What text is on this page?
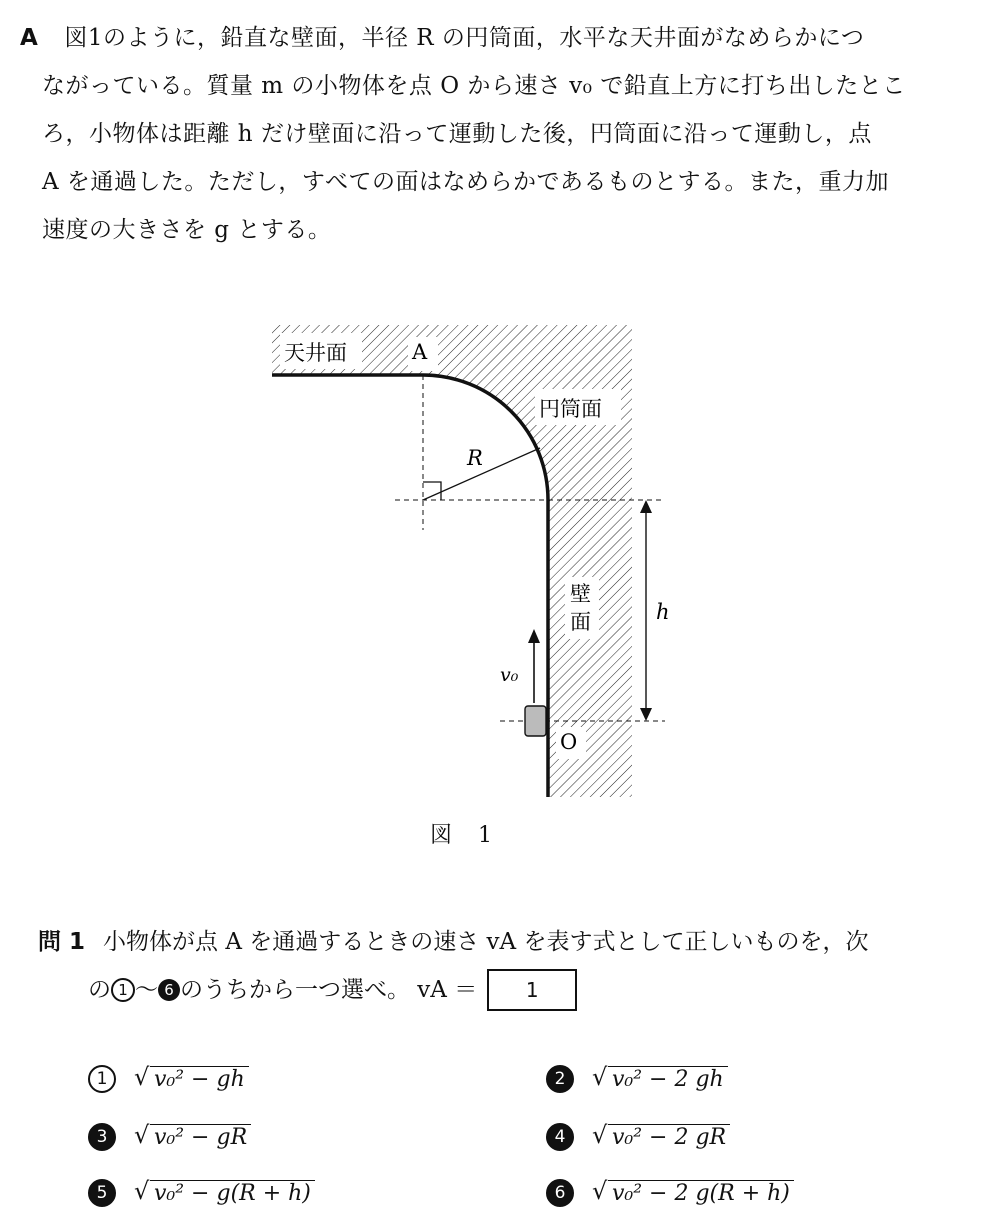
A 図1のように，鉛直な壁面，半径 R の円筒面，水平な天井面がなめらかにつ
ながっている。質量 m の小物体を点 O から速さ v₀ で鉛直上方に打ち出したとこ
ろ，小物体は距離 h だけ壁面に沿って運動した後，円筒面に沿って運動し，点
A を通過した。ただし，すべての面はなめらかであるものとする。また，重力加
速度の大きさを g とする。
天井面	A
円筒面
R
壁
面	h
v₀
O
図　1
問 1 小物体が点 A を通過するときの速さ vA を表す式として正しいものを，次
の 1 〜 6 のうちから一つ選べ。 vA ＝	1
1	√ v₀² − gh	2	√ v₀² − 2 gh
3	√ v₀² − gR	4	√ v₀² − 2 gR
5	√ v₀² − g(R + h)	6	√ v₀² − 2 g(R + h)
